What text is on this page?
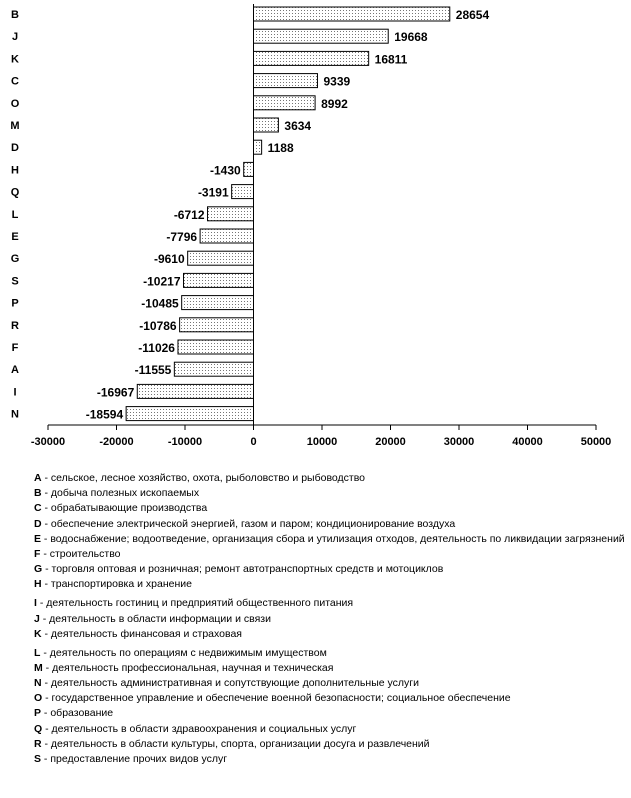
B
J
K
C
O
M
D
H
Q
L
E
G
S
P
R
F
A
I
N
28654
19668
16811
9339
8992
3634
1188
-1430
-3191
-6712
-7796
-9610
-10217
-10485
-10786
-11026
-11555
-16967
-18594
-30000	-20000	-10000	0	10000	20000	30000	40000	50000
A - сельское, лесное хозяйство, охота, рыболовство и рыбоводство
B - добыча полезных ископаемых
C - обрабатывающие производства
D - обеспечение электрической энергией, газом и паром; кондиционирование воздуха
E - водоснабжение; водоотведение, организация сбора и утилизация отходов, деятельность по ликвидации загрязнений
F - строительство
G - торговля оптовая и розничная; ремонт автотранспортных средств и мотоциклов
H - транспортировка и хранение
I - деятельность гостиниц и предприятий общественного питания
J - деятельность в области информации и связи
K - деятельность финансовая и страховая
L - деятельность по операциям с недвижимым имуществом
M - деятельность профессиональная, научная и техническая
N - деятельность административная и сопутствующие дополнительные услуги
O - государственное управление и обеспечение военной безопасности; социальное обеспечение
P - образование
Q - деятельность в области здравоохранения и социальных услуг
R - деятельность в области культуры, спорта, организации досуга и развлечений
S - предоставление прочих видов услуг
